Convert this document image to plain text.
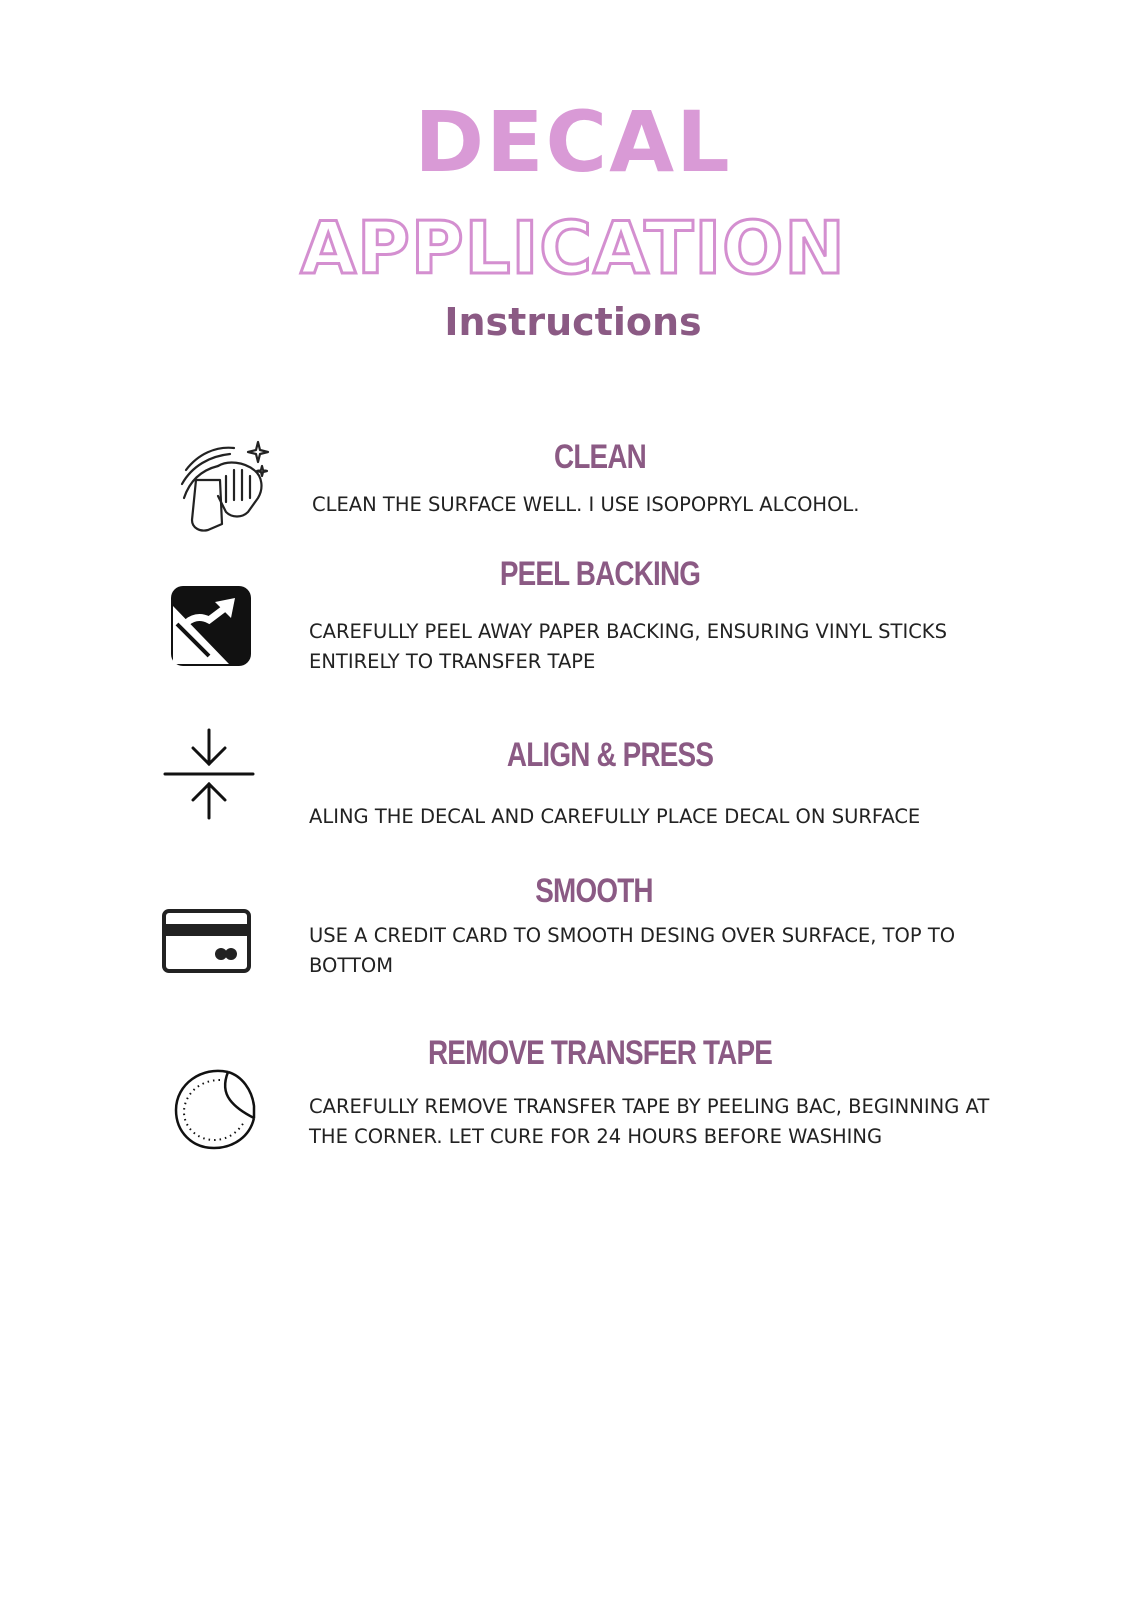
DECAL
APPLICATION
Instructions
CLEAN
CLEAN THE SURFACE WELL. I USE ISOPOPRYL ALCOHOL.
PEEL BACKING
CAREFULLY PEEL AWAY PAPER BACKING, ENSURING VINYL STICKS ENTIRELY TO TRANSFER TAPE
ALIGN & PRESS
ALING THE DECAL AND CAREFULLY PLACE DECAL ON SURFACE
SMOOTH
USE A CREDIT CARD TO SMOOTH DESING OVER SURFACE, TOP TO BOTTOM
REMOVE TRANSFER TAPE
CAREFULLY REMOVE TRANSFER TAPE BY PEELING BAC, BEGINNING AT THE CORNER. LET CURE FOR 24 HOURS BEFORE WASHING
